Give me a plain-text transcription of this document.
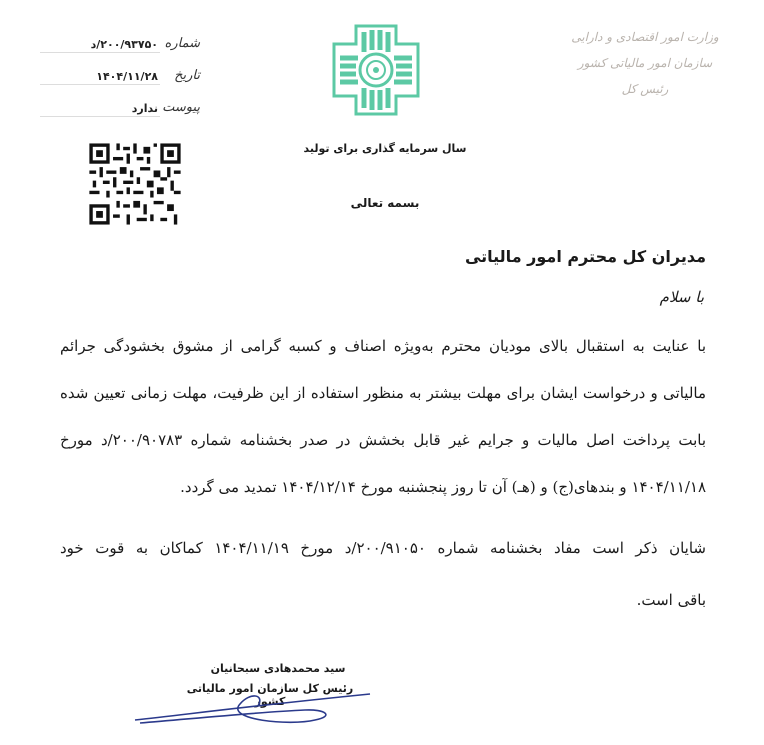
وزارت امور اقتصادی و دارایی
سازمان امور مالیاتی کشور
رئیس کل
شماره
۲۰۰/۹۳۷۵۰/د
تاریخ
۱۴۰۴/۱۱/۲۸
پیوست
ندارد
سال سرمایه گذاری برای تولید
بسمه تعالی
مدیران کل محترم امور مالیاتی
با سلام
با عنایت به استقبال بالای مودیان محترم به‌ویژه اصناف و کسبه گرامی از مشوق بخشودگی جرائم
مالیاتی و درخواست ایشان برای مهلت بیشتر به منظور استفاده از این ظرفیت، مهلت زمانی تعیین شده
بابت پرداخت اصل مالیات و جرایم غیر قابل بخشش در صدر بخشنامه شماره ۲۰۰/۹۰۷۸۳/د مورخ
۱۴۰۴/۱۱/۱۸ و بندهای(ج) و (هـ) آن تا روز پنجشنبه مورخ ۱۴۰۴/۱۲/۱۴ تمدید می گردد.
شایان ذکر است مفاد بخشنامه شماره ۲۰۰/۹۱۰۵۰/د مورخ ۱۴۰۴/۱۱/۱۹ کماکان به قوت خود
باقی است.
سید محمدهادی سبحانیان
رئیس کل سازمان امور مالیاتی کشور
